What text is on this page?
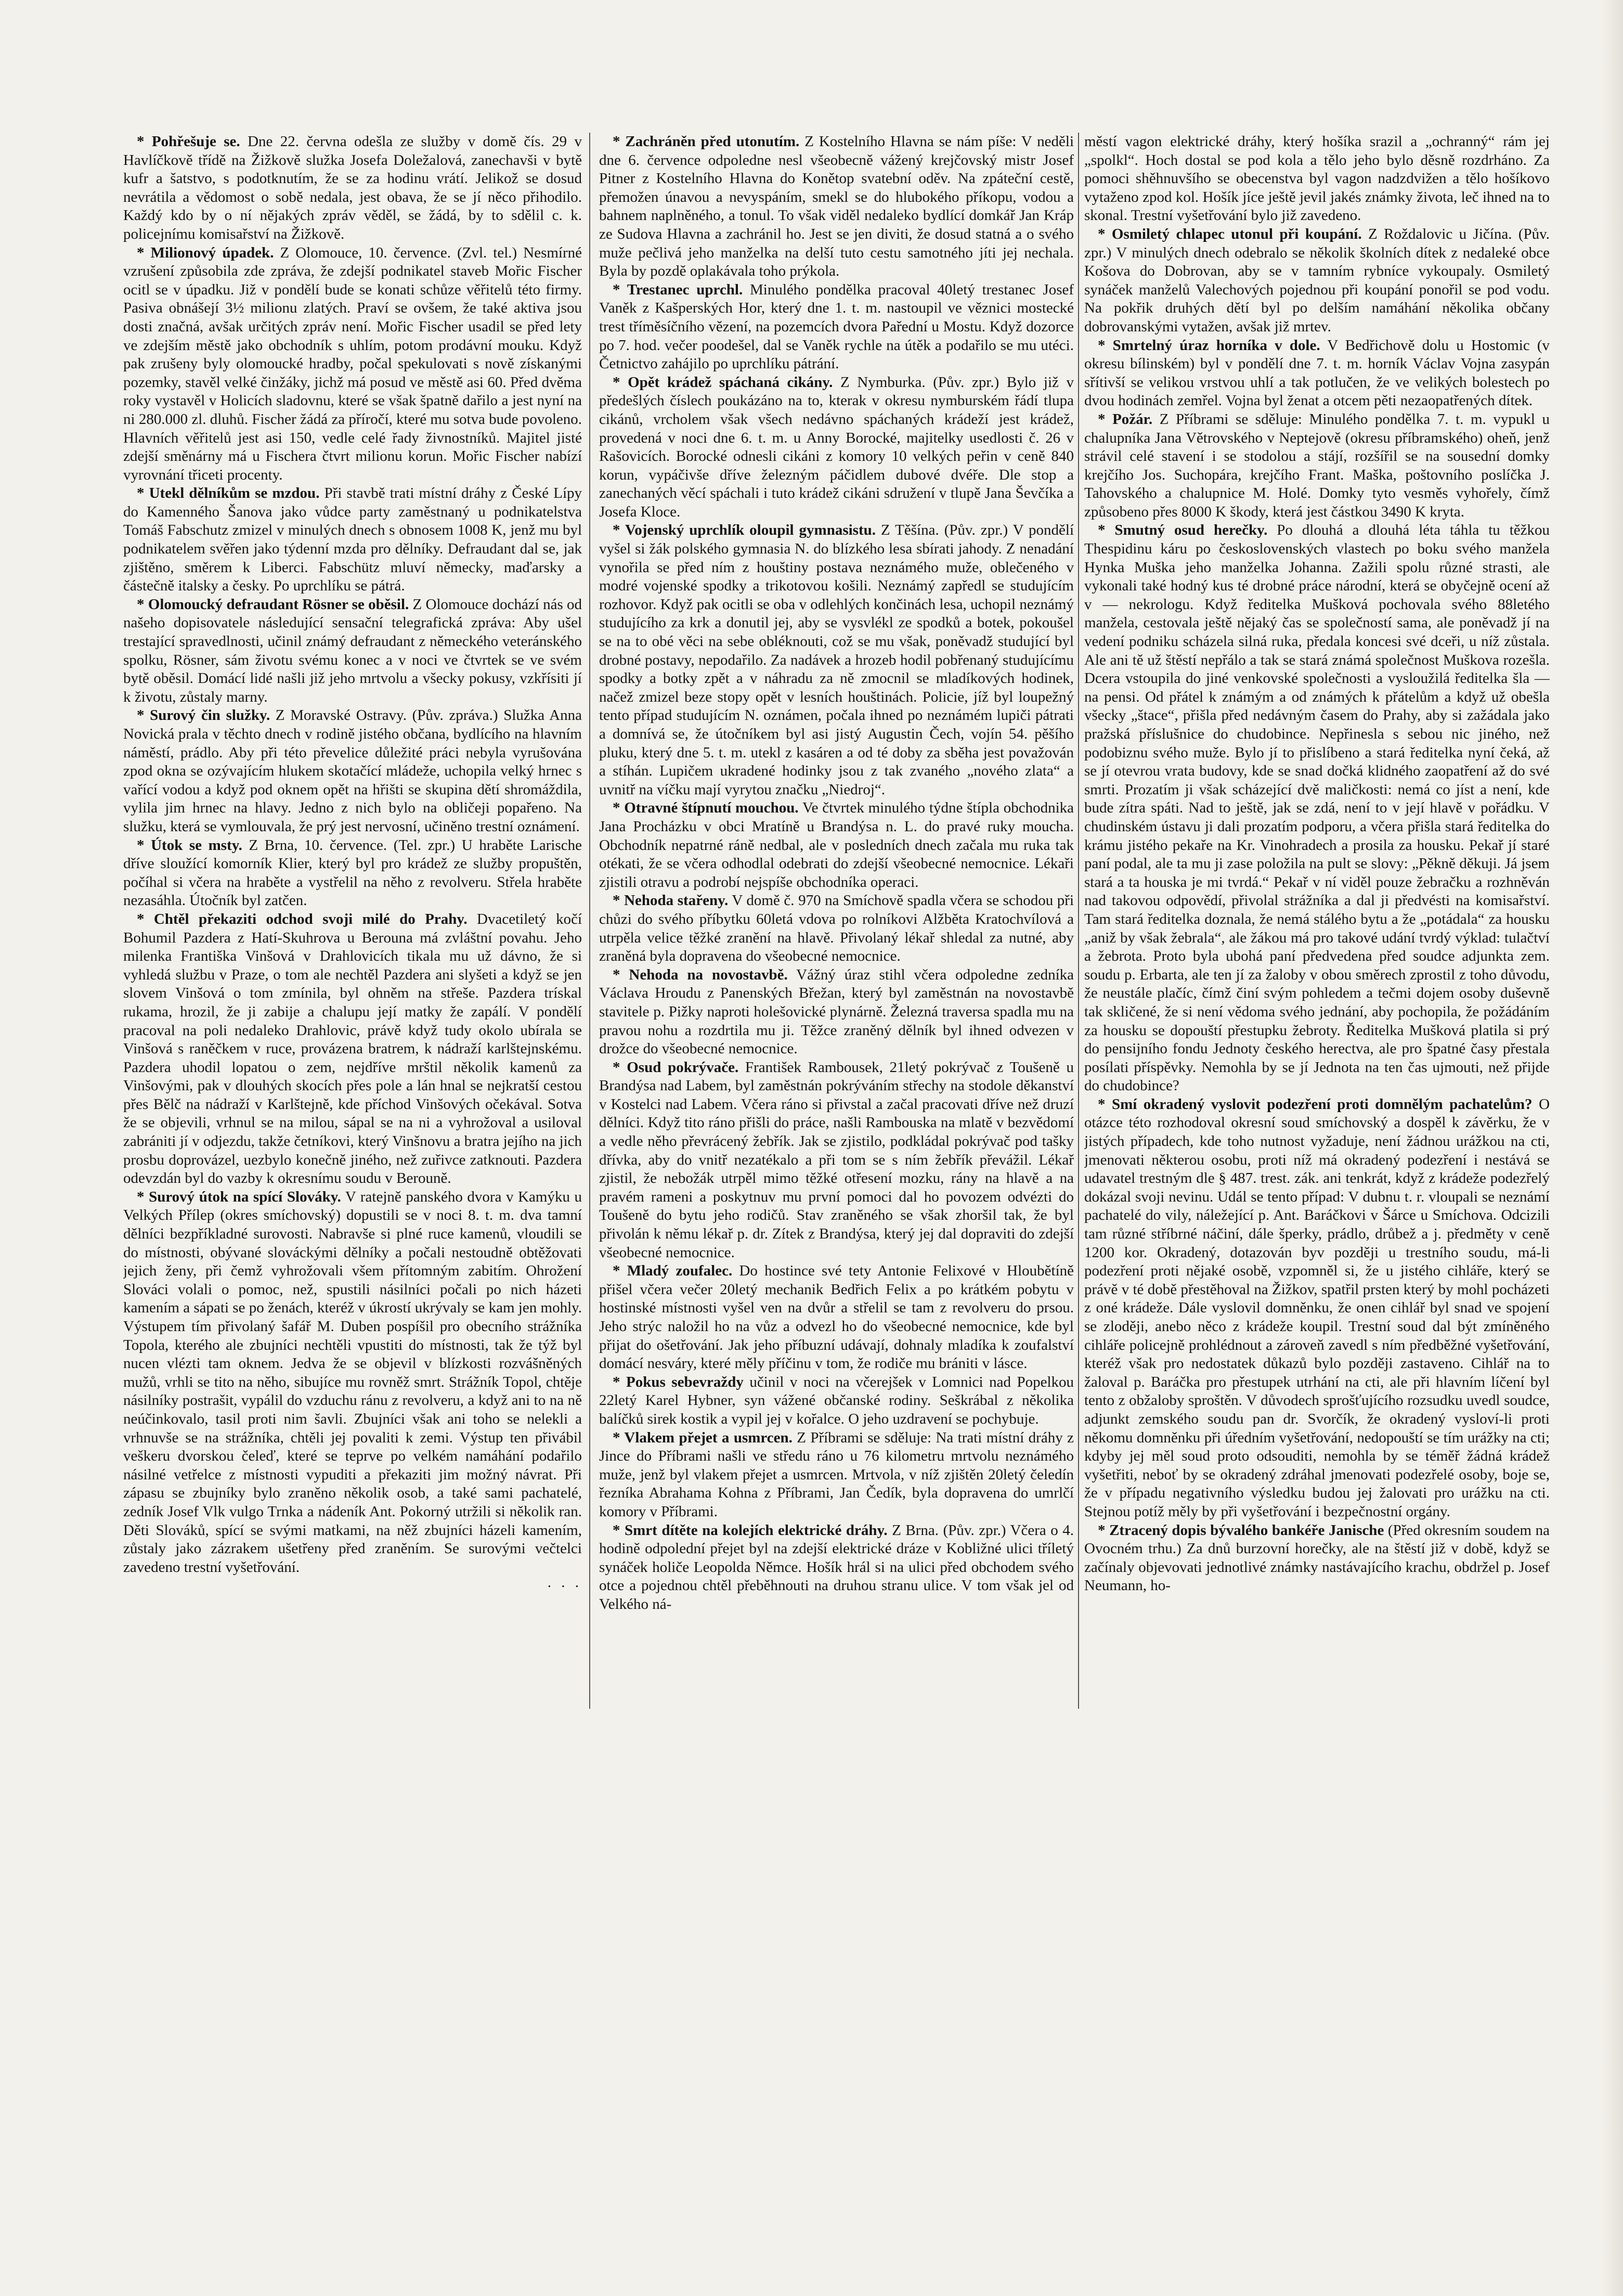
* Pohřešuje se. Dne 22. června odešla ze služby v domě čís. 29 v Havlíčkově třídě na Žižkově služka Josefa Doležalová, zanechavši v bytě kufr a šatstvo, s podotknutím, že se za hodinu vrátí. Jelikož se dosud nevrátila a vědomost o sobě nedala, jest obava, že se jí něco přihodilo. Každý kdo by o ní nějakých zpráv věděl, se žádá, by to sdělil c. k. policejnímu komisařství na Žižkově.

* Milionový úpadek. Z Olomouce, 10. července. (Zvl. tel.) Nesmírné vzrušení způsobila zde zpráva, že zdejší podnikatel staveb Mořic Fischer ocitl se v úpadku. Již v pondělí bude se konati schůze věřitelů této firmy. Pasiva obnášejí 3½ milionu zlatých. Praví se ovšem, že také aktiva jsou dosti značná, avšak určitých zpráv není. Mořic Fischer usadil se před lety ve zdejším městě jako obchodník s uhlím, potom prodávní mouku. Když pak zrušeny byly olomoucké hradby, počal spekulovati s nově získanými pozemky, stavěl velké činžáky, jichž má posud ve městě asi 60. Před dvěma roky vystavěl v Holicích sladovnu, které se však špatně dařilo a jest nyní na ni 280.000 zl. dluhů. Fischer žádá za příročí, které mu sotva bude povoleno. Hlavních věřitelů jest asi 150, vedle celé řady živnostníků. Majitel jisté zdejší směnárny má u Fischera čtvrt milionu korun. Mořic Fischer nabízí vyrovnání třiceti procenty.

* Utekl dělníkům se mzdou. Při stavbě trati místní dráhy z České Lípy do Kamenného Šanova jako vůdce party zaměstnaný u podnikatelstva Tomáš Fabschutz zmizel v minulých dnech s obnosem 1008 K, jenž mu byl podnikatelem svěřen jako týdenní mzda pro dělníky. Defraudant dal se, jak zjištěno, směrem k Liberci. Fabschütz mluví německy, maďarsky a částečně italsky a česky. Po uprchlíku se pátrá.

* Olomoucký defraudant Rösner se oběsil. Z Olomouce dochází nás od našeho dopisovatele následující sensační telegrafická zpráva: Aby ušel trestající spravedlnosti, učinil známý defraudant z německého veteránského spolku, Rösner, sám životu svému konec a v noci ve čtvrtek se ve svém bytě oběsil. Domácí lidé našli již jeho mrtvolu a všecky pokusy, vzkřísiti jí k životu, zůstaly marny.

* Surový čin služky. Z Moravské Ostravy. (Pův. zpráva.) Služka Anna Novická prala v těchto dnech v rodině jistého občana, bydlícího na hlavním náměstí, prádlo. Aby při této převelice důležité práci nebyla vyrušována zpod okna se ozývajícím hlukem skotačící mládeže, uchopila velký hrnec s vařící vodou a když pod oknem opět na hřišti se skupina dětí shromáždila, vylila jim hrnec na hlavy. Jedno z nich bylo na obličeji popařeno. Na služku, která se vymlouvala, že prý jest nervosní, učiněno trestní oznámení.

* Útok se msty. Z Brna, 10. července. (Tel. zpr.) U hraběte Larische dříve sloužící komorník Klier, který byl pro krádež ze služby propuštěn, počíhal si včera na hraběte a vystřelil na něho z revolveru. Střela hraběte nezasáhla. Útočník byl zatčen.

* Chtěl překaziti odchod svoji milé do Prahy. Dvacetiletý kočí Bohumil Pazdera z Hatí-Skuhrova u Berouna má zvláštní povahu. Jeho milenka Františka Vinšová v Drahlovicích tikala mu už dávno, že si vyhledá službu v Praze, o tom ale nechtěl Pazdera ani slyšeti a když se jen slovem Vinšová o tom zmínila, byl ohněm na střeše. Pazdera trískal rukama, hrozil, že ji zabije a chalupu její matky že zapálí. V pondělí pracoval na poli nedaleko Drahlovic, právě když tudy okolo ubírala se Vinšová s raněčkem v ruce, provázena bratrem, k nádraží karlštejnskému. Pazdera uhodil lopatou o zem, nejdříve mrštil několik kamenů za Vinšovými, pak v dlouhých skocích přes pole a lán hnal se nejkratší cestou přes Bělč na nádraží v Karlštejně, kde příchod Vinšových očekával. Sotva že se objevili, vrhnul se na milou, sápal se na ni a vyhrožoval a usiloval zabrániti jí v odjezdu, takže četníkovi, který Vinšnovu a bratra jejího na jich prosbu doprovázel, uezbylo konečně jiného, než zuřivce zatknouti. Pazdera odevzdán byl do vazby k okresnímu soudu v Berouně.

* Surový útok na spící Slováky. V ratejně panského dvora v Kamýku u Velkých Přílep (okres smíchovský) dopustili se v noci 8. t. m. dva tamní dělníci bezpříkladné surovosti. Nabravše si plné ruce kamenů, vloudili se do místnosti, obývané slováckými dělníky a počali nestoudně obtěžovati jejich ženy, při čemž vyhrožovali všem přítomným zabitím. Ohrožení Slováci volali o pomoc, než, spustili násilníci počali po nich házeti kamením a sápati se po ženách, kteréž v úkrostí ukrývaly se kam jen mohly. Výstupem tím přivolaný šafář M. Duben pospíšil pro obecního strážníka Topola, kterého ale zbujníci nechtěli vpustiti do místnosti, tak že týž byl nucen vlézti tam oknem. Jedva že se objevil v blízkosti rozvášněných mužů, vrhli se tito na něho, sibujíce mu rovněž smrt. Strážník Topol, chtěje násilníky postrašit, vypálil do vzduchu ránu z revolveru, a když ani to na ně neúčinkovalo, tasil proti nim šavli. Zbujníci však ani toho se nelekli a vrhnuvše se na strážníka, chtěli jej povaliti k zemi. Výstup ten přivábil veškeru dvorskou čeleď, které se teprve po velkém namáhání podařilo násilné vetřelce z místnosti vypuditi a překaziti jim možný návrat. Při zápasu se zbujníky bylo zraněno několik osob, a také sami pachatelé, zedník Josef Vlk vulgo Trnka a nádeník Ant. Pokorný utržili si několik ran. Děti Slováků, spící se svými matkami, na něž zbujníci házeli kamením, zůstaly jako zázrakem ušetřeny před zraněním. Se surovými večtelci zavedeno trestní vyšetřování.

. . .

* Zachráněn před utonutím. Z Kostelního Hlavna se nám píše: V neděli dne 6. července odpoledne nesl všeobecně vážený krejčovský mistr Josef Pitner z Kostelního Hlavna do Konětop svatební oděv. Na zpáteční cestě, přemožen únavou a nevyspáním, smekl se do hlubokého příkopu, vodou a bahnem naplněného, a tonul. To však viděl nedaleko bydlící domkář Jan Kráp ze Sudova Hlavna a zachránil ho. Jest se jen diviti, že dosud statná a o svého muže pečlivá jeho manželka na delší tuto cestu samotného jíti jej nechala. Byla by pozdě oplakávala toho prýkola.

* Trestanec uprchl. Minulého pondělka pracoval 40letý trestanec Josef Vaněk z Kašperských Hor, který dne 1. t. m. nastoupil ve věznici mostecké trest tříměsíčního vězení, na pozemcích dvora Pařední u Mostu. Když dozorce po 7. hod. večer poodešel, dal se Vaněk rychle na útěk a podařilo se mu utéci. Četnictvo zahájilo po uprchlíku pátrání.

* Opět krádež spáchaná cikány. Z Nymburka. (Pův. zpr.) Bylo již v předešlých číslech poukázáno na to, kterak v okresu nymburském řádí tlupa cikánů, vrcholem však všech nedávno spáchaných krádeží jest krádež, provedená v noci dne 6. t. m. u Anny Borocké, majitelky usedlosti č. 26 v Rašovicích. Borocké odnesli cikáni z komory 10 velkých peřin v ceně 840 korun, vypáčivše dříve železným páčidlem dubové dvéře. Dle stop a zanechaných věcí spáchali i tuto krádež cikáni sdružení v tlupě Jana Ševčíka a Josefa Kloce.

* Vojenský uprchlík oloupil gymnasistu. Z Těšína. (Pův. zpr.) V pondělí vyšel si žák polského gymnasia N. do blízkého lesa sbírati jahody. Z nenadání vynořila se před ním z houštiny postava neznámého muže, oblečeného v modré vojenské spodky a trikotovou košili. Neznámý zapředl se studujícím rozhovor. Když pak ocitli se oba v odlehlých končinách lesa, uchopil neznámý studujícího za krk a donutil jej, aby se vysvlékl ze spodků a botek, pokoušel se na to obé věci na sebe obléknouti, což se mu však, poněvadž studující byl drobné postavy, nepodařilo. Za nadávek a hrozeb hodil pobřenaný studujícímu spodky a botky zpět a v náhradu za ně zmocnil se mladíkových hodinek, načež zmizel beze stopy opět v lesních houštinách. Policie, jíž byl loupežný tento případ studujícím N. oznámen, počala ihned po neznámém lupiči pátrati a domnívá se, že útočníkem byl asi jistý Augustin Čech, vojín 54. pěšího pluku, který dne 5. t. m. utekl z kasáren a od té doby za sběha jest považován a stíhán. Lupičem ukradené hodinky jsou z tak zvaného „nového zlata“ a uvnitř na víčku mají vyrytou značku „Niedroj“.

* Otravné štípnutí mouchou. Ve čtvrtek minulého týdne štípla obchodnika Jana Procházku v obci Mratíně u Brandýsa n. L. do pravé ruky moucha. Obchodník nepatrné ráně nedbal, ale v posledních dnech začala mu ruka tak otékati, že se včera odhodlal odebrati do zdejší všeobecné nemocnice. Lékaři zjistili otravu a podrobí nejspíše obchodníka operaci.

* Nehoda stařeny. V domě č. 970 na Smíchově spadla včera se schodou při chůzi do svého příbytku 60letá vdova po rolníkovi Alžběta Kratochvílová a utrpěla velice těžké zranění na hlavě. Přivolaný lékař shledal za nutné, aby zraněná byla dopravena do všeobecné nemocnice.

* Nehoda na novostavbě. Vážný úraz stihl včera odpoledne zedníka Václava Hroudu z Panenských Břežan, který byl zaměstnán na novostavbě stavitele p. Pižky naproti holešovické plynárně. Železná traversa spadla mu na pravou nohu a rozdrtila mu ji. Těžce zraněný dělník byl ihned odvezen v drožce do všeobecné nemocnice.

* Osud pokrývače. František Rambousek, 21letý pokrývač z Toušeně u Brandýsa nad Labem, byl zaměstnán pokrýváním střechy na stodole děkanství v Kostelci nad Labem. Včera ráno si přivstal a začal pracovati dříve než druzí dělníci. Když tito ráno přišli do práce, našli Rambouska na mlatě v bezvědomí a vedle něho převrácený žebřík. Jak se zjistilo, podkládal pokrývač pod tašky dřívka, aby do vnitř nezatékalo a při tom se s ním žebřík převážil. Lékař zjistil, že nebožák utrpěl mimo těžké otřesení mozku, rány na hlavě a na pravém rameni a poskytnuv mu první pomoci dal ho povozem odvézti do Toušeně do bytu jeho rodičů. Stav zraněného se však zhoršil tak, že byl přivolán k němu lékař p. dr. Zítek z Brandýsa, který jej dal dopraviti do zdejší všeobecné nemocnice.

* Mladý zoufalec. Do hostince své tety Antonie Felixové v Hloubětíně přišel včera večer 20letý mechanik Bedřich Felix a po krátkém pobytu v hostinské místnosti vyšel ven na dvůr a střelil se tam z revolveru do prsou. Jeho strýc naložil ho na vůz a odvezl ho do všeobecné nemocnice, kde byl přijat do ošetřování. Jak jeho příbuzní udávají, dohnaly mladíka k zoufalství domácí nesváry, které měly příčinu v tom, že rodiče mu brániti v lásce.

* Pokus sebevraždy učinil v noci na včerejšek v Lomnici nad Popelkou 22letý Karel Hybner, syn vážené občanské rodiny. Seškrábal z několika balíčků sirek kostik a vypil jej v kořalce. O jeho uzdravení se pochybuje.

* Vlakem přejet a usmrcen. Z Příbrami se sděluje: Na trati místní dráhy z Jince do Příbrami našli ve středu ráno u 76 kilometru mrtvolu neznámého muže, jenž byl vlakem přejet a usmrcen. Mrtvola, v níž zjištěn 20letý čeledín řezníka Abrahama Kohna z Příbrami, Jan Čedík, byla dopravena do umrlčí komory v Příbrami.

* Smrt dítěte na kolejích elektrické dráhy. Z Brna. (Pův. zpr.) Včera o 4. hodině odpolední přejet byl na zdejší elektrické dráze v Kobližné ulici tříletý synáček holiče Leopolda Němce. Hošík hrál si na ulici před obchodem svého otce a pojednou chtěl přeběhnouti na druhou stranu ulice. V tom však jel od Velkého ná-

městí vagon elektrické dráhy, který hošíka srazil a „ochranný“ rám jej „spolkl“. Hoch dostal se pod kola a tělo jeho bylo děsně rozdrháno. Za pomoci shěhnuvšího se obecenstva byl vagon nadzdvižen a tělo hošíkovo vytaženo zpod kol. Hošík jíce ještě jevil jakés známky života, leč ihned na to skonal. Trestní vyšetřování bylo již zavedeno.

* Osmiletý chlapec utonul při koupání. Z Roždalovic u Jičína. (Pův. zpr.) V minulých dnech odebralo se několik školních dítek z nedaleké obce Košova do Dobrovan, aby se v tamním rybníce vykoupaly. Osmiletý synáček manželů Valechových pojednou při koupání ponořil se pod vodu. Na pokřik druhých dětí byl po delším namáhání několika občany dobrovanskými vytažen, avšak již mrtev.

* Smrtelný úraz horníka v dole. V Bedřichově dolu u Hostomic (v okresu bílinském) byl v pondělí dne 7. t. m. horník Václav Vojna zasypán sřítivší se velikou vrstvou uhlí a tak potlučen, že ve velikých bolestech po dvou hodinách zemřel. Vojna byl ženat a otcem pěti nezaopatřených dítek.

* Požár. Z Příbrami se sděluje: Minulého pondělka 7. t. m. vypukl u chalupníka Jana Větrovského v Neptejově (okresu příbramského) oheň, jenž strávil celé stavení i se stodolou a stájí, rozšířil se na sousední domky krejčího Jos. Suchopára, krejčího Frant. Maška, poštovního poslíčka J. Tahovského a chalupnice M. Holé. Domky tyto vesměs vyhořely, čímž způsobeno přes 8000 K škody, která jest částkou 3490 K kryta.

* Smutný osud herečky. Po dlouhá a dlouhá léta táhla tu těžkou Thespidinu káru po československých vlastech po boku svého manžela Hynka Muška jeho manželka Johanna. Zažili spolu různé strasti, ale vykonali také hodný kus té drobné práce národní, která se obyčejně ocení až v — nekrologu. Když ředitelka Mušková pochovala svého 88letého manžela, cestovala ještě nějaký čas se společností sama, ale poněvadž jí na vedení podniku scházela silná ruka, předala koncesi své dceři, u níž zůstala. Ale ani tě už štěstí nepřálo a tak se stará známá společnost Muškova rozešla. Dcera vstoupila do jiné venkovské společnosti a vysloužilá ředitelka šla — na pensi. Od přátel k známým a od známých k přátelům a když už obešla všecky „štace“, přišla před nedávným časem do Prahy, aby si zažádala jako pražská příslušnice do chudobince. Nepřinesla s sebou nic jiného, než podobiznu svého muže. Bylo jí to přislíbeno a stará ředitelka nyní čeká, až se jí otevrou vrata budovy, kde se snad dočká klidného zaopatření až do své smrti. Prozatím ji však scházející dvě maličkosti: nemá co jíst a není, kde bude zítra spáti. Nad to ještě, jak se zdá, není to v její hlavě v pořádku. V chudinském ústavu ji dali prozatím podporu, a včera přišla stará ředitelka do krámu jistého pekaře na Kr. Vinohradech a prosila za housku. Pekař jí staré paní podal, ale ta mu ji zase položila na pult se slovy: „Pěkně děkuji. Já jsem stará a ta houska je mi tvrdá.“ Pekař v ní viděl pouze žebračku a rozhněván nad takovou odpovědí, přivolal strážníka a dal ji předvésti na komisařství. Tam stará ředitelka doznala, že nemá stálého bytu a že „potádala“ za housku „aniž by však žebrala“, ale žákou má pro takové udání tvrdý výklad: tulačtví a žebrota. Proto byla ubohá paní předvedena před soudce adjunkta zem. soudu p. Erbarta, ale ten jí za žaloby v obou směrech zprostil z toho důvodu, že neustále plačíc, čímž činí svým pohledem a tečmi dojem osoby duševně tak skličené, že si není vědoma svého jednání, aby pochopila, že požádáním za housku se dopouští přestupku žebroty. Ředitelka Mušková platila si prý do pensijního fondu Jednoty českého herectva, ale pro špatné časy přestala posílati příspěvky. Nemohla by se jí Jednota na ten čas ujmouti, než přijde do chudobince?

* Smí okradený vyslovit podezření proti domnělým pachatelům? O otázce této rozhodoval okresní soud smíchovský a dospěl k závěrku, že v jistých případech, kde toho nutnost vyžaduje, není žádnou urážkou na cti, jmenovati některou osobu, proti níž má okradený podezření i nestává se udavatel trestným dle § 487. trest. zák. ani tenkrát, když z krádeže podezřelý dokázal svoji nevinu. Udál se tento případ: V dubnu t. r. vloupali se neznámí pachatelé do vily, náležející p. Ant. Baráčkovi v Šárce u Smíchova. Odcizili tam různé stříbrné náčiní, dále šperky, prádlo, drůbež a j. předměty v ceně 1200 kor. Okradený, dotazován byv později u trestního soudu, má-li podezření proti nějaké osobě, vzpomněl si, že u jistého cihláře, který se právě v té době přestěhoval na Žižkov, spatřil prsten který by mohl pocházeti z oné krádeže. Dále vyslovil domněnku, že onen cihlář byl snad ve spojení se zloději, anebo něco z krádeže koupil. Trestní soud dal být zmíněného cihláře policejně prohlédnout a zároveň zavedl s ním předběžné vyšetřování, kteréž však pro nedostatek důkazů bylo později zastaveno. Cihlář na to žaloval p. Baráčka pro přestupek utrhání na cti, ale při hlavním líčení byl tento z obžaloby sproštěn. V důvodech sprošťujícího rozsudku uvedl soudce, adjunkt zemského soudu pan dr. Svorčík, že okradený vysloví-li proti někomu domněnku při úředním vyšetřování, nedopouští se tím urážky na cti; kdyby jej měl soud proto odsouditi, nemohla by se téměř žádná krádež vyšetřiti, neboť by se okradený zdráhal jmenovati podezřelé osoby, boje se, že v případu negativního výsledku budou jej žalovati pro urážku na cti. Stejnou potíž měly by při vyšetřování i bezpečnostní orgány.

* Ztracený dopis bývalého bankéře Janische (Před okresním soudem na Ovocném trhu.) Za dnů burzovní horečky, ale na štěstí již v době, když se začínaly objevovati jednotlivé známky nastávajícího krachu, obdržel p. Josef Neumann, ho-
